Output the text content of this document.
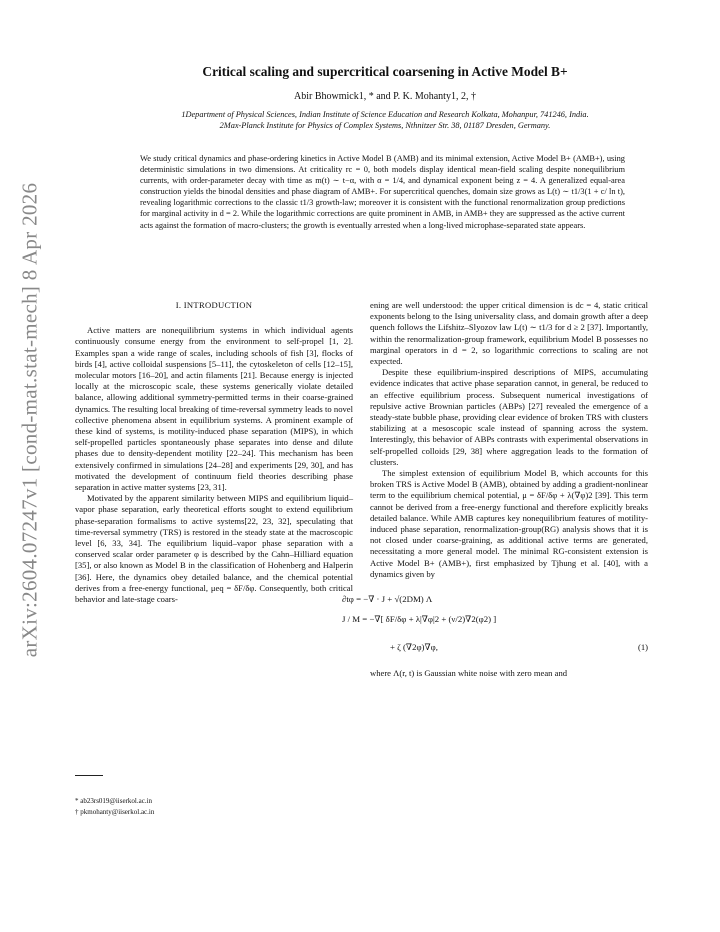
arXiv:2604.07247v1 [cond-mat.stat-mech] 8 Apr 2026
Critical scaling and supercritical coarsening in Active Model B+
Abir Bhowmick1, * and P. K. Mohanty1, 2, †
1Department of Physical Sciences, Indian Institute of Science Education and Research Kolkata, Mohanpur, 741246, India.
2Max-Planck Institute for Physics of Complex Systems, Nthnitzer Str. 38, 01187 Dresden, Germany.
We study critical dynamics and phase-ordering kinetics in Active Model B (AMB) and its minimal extension, Active Model B+ (AMB+), using deterministic simulations in two dimensions. At criticality rc = 0, both models display identical mean-field scaling despite nonequilibrium currents, with order-parameter decay with time as m(t) ∼ t−α, with α = 1/4, and dynamical exponent being z = 4. A generalized equal-area construction yields the binodal densities and phase diagram of AMB+. For supercritical quenches, domain size grows as L(t) ∼ t1/3(1 + c/ ln t), revealing logarithmic corrections to the classic t1/3 growth-law; moreover it is consistent with the functional renormalization group predictions for marginal activity in d = 2. While the logarithmic corrections are quite prominent in AMB, in AMB+ they are suppressed as the active current acts against the formation of macro-clusters; the growth is eventually arrested when a long-lived microphase-separated state appears.
I. INTRODUCTION

Active matters are nonequilibrium systems in which individual agents continuously consume energy from the environment to self-propel [1, 2]. Examples span a wide range of scales, including schools of fish [3], flocks of birds [4], active colloidal suspensions [5–11], the cytoskeleton of cells [12–15], molecular motors [16–20], and actin filaments [21]. Because energy is injected locally at the microscopic scale, these systems generically violate detailed balance, allowing additional symmetry-permitted terms in their coarse-grained dynamics. The resulting local breaking of time-reversal symmetry leads to novel collective phenomena absent in equilibrium systems. A prominent example of these kind of systems, is motility-induced phase separation (MIPS), in which self-propelled particles spontaneously phase separates into dense and dilute phases due to density-dependent motility [22–24]. This mechanism has been extensively confirmed in simulations [24–28] and experiments [29, 30], and has motivated the development of continuum field theories describing phase separation in active matter systems [23, 31].

Motivated by the apparent similarity between MIPS and equilibrium liquid–vapor phase separation, early theoretical efforts sought to extend equilibrium phase-separation formalisms to active systems[22, 23, 32], speculating that time-reversal symmetry (TRS) is restored in the steady state at the macroscopic level [6, 33, 34]. The equilibrium liquid–vapor phase separation with a conserved scalar order parameter φ is described by the Cahn–Hilliard equation [35], or also known as Model B in the classification of Hohenberg and Halperin [36]. Here, the dynamics obey detailed balance, and the chemical potential derives from a free-energy functional, μeq = δF/δφ. Consequently, both critical behavior and late-stage coars-

ening are well understood: the upper critical dimension is dc = 4, static critical exponents belong to the Ising universality class, and domain growth after a deep quench follows the Lifshitz–Slyozov law L(t) ∼ t1/3 for d ≥ 2 [37]. Importantly, within the renormalization-group framework, equilibrium Model B possesses no marginal operators in d = 2, so logarithmic corrections to scaling are not expected.

Despite these equilibrium-inspired descriptions of MIPS, accumulating evidence indicates that active phase separation cannot, in general, be reduced to an effective equilibrium process. Subsequent numerical investigations of repulsive active Brownian particles (ABPs) [27] revealed the emergence of a steady-state bubble phase, providing clear evidence of broken TRS with clusters stabilizing at a mesoscopic scale instead of spanning across the system. Interestingly, this behavior of ABPs contrasts with experimental observations in self-propelled colloids [29, 38] where aggregation leads to the formation of clusters.

The simplest extension of equilibrium Model B, which accounts for this broken TRS is Active Model B (AMB), obtained by adding a gradient-nonlinear term to the equilibrium chemical potential, μ = δF/δφ + λ(∇φ)2 [39]. This term cannot be derived from a free-energy functional and therefore explicitly breaks detailed balance. While AMB captures key nonequilibrium features of motility-induced phase separation, renormalization-group(RG) analysis shows that it is not closed under coarse-graining, as additional active terms are generated, necessitating a more general model. The minimal RG-consistent extension is Active Model B+ (AMB+), first emphasized by Tjhung et al. [40], with a dynamics given by

∂tφ = −∇ · J + √(2DM) Λ
J / M = −∇[ δF/δφ + λ|∇φ|2 + (ν/2)∇2(φ2) ]
+ ζ (∇2φ)∇φ,	(1)

where Λ(r, t) is Gaussian white noise with zero mean and

* ab23rs019@iiserkol.ac.in
† pkmohanty@iiserkol.ac.in
